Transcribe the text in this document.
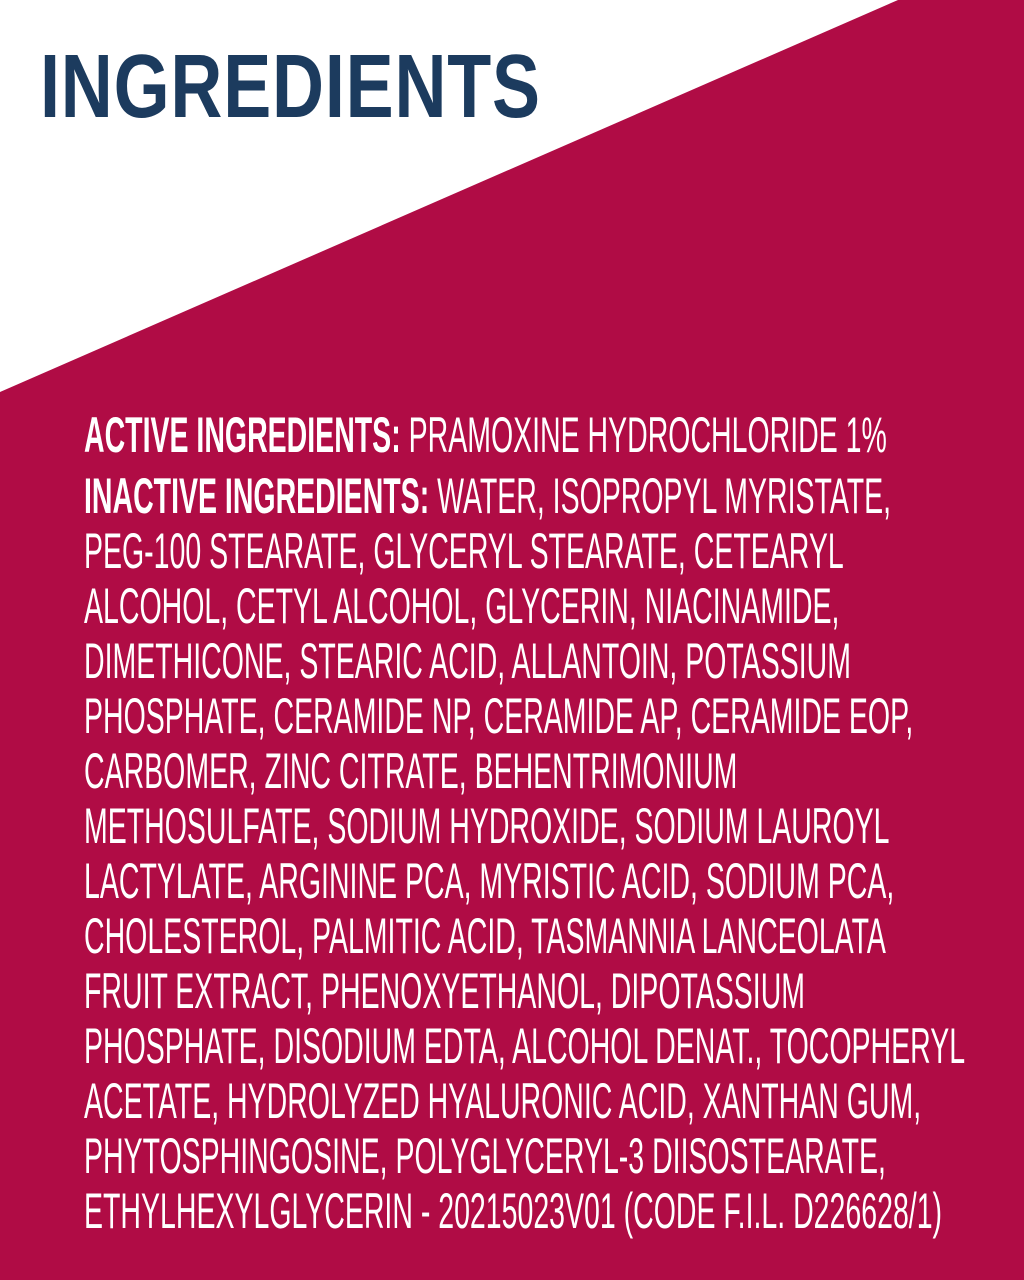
INGREDIENTS
ACTIVE INGREDIENTS: PRAMOXINE HYDROCHLORIDE 1%
INACTIVE INGREDIENTS: WATER, ISOPROPYL MYRISTATE,
PEG-100 STEARATE, GLYCERYL STEARATE, CETEARYL
ALCOHOL, CETYL ALCOHOL, GLYCERIN, NIACINAMIDE,
DIMETHICONE, STEARIC ACID, ALLANTOIN, POTASSIUM
PHOSPHATE, CERAMIDE NP, CERAMIDE AP, CERAMIDE EOP,
CARBOMER, ZINC CITRATE, BEHENTRIMONIUM
METHOSULFATE, SODIUM HYDROXIDE, SODIUM LAUROYL
LACTYLATE, ARGININE PCA, MYRISTIC ACID, SODIUM PCA,
CHOLESTEROL, PALMITIC ACID, TASMANNIA LANCEOLATA
FRUIT EXTRACT, PHENOXYETHANOL, DIPOTASSIUM
PHOSPHATE, DISODIUM EDTA, ALCOHOL DENAT., TOCOPHERYL
ACETATE, HYDROLYZED HYALURONIC ACID, XANTHAN GUM,
PHYTOSPHINGOSINE, POLYGLYCERYL-3 DIISOSTEARATE,
ETHYLHEXYLGLYCERIN - 20215023V01 (CODE F.I.L. D226628/1)
